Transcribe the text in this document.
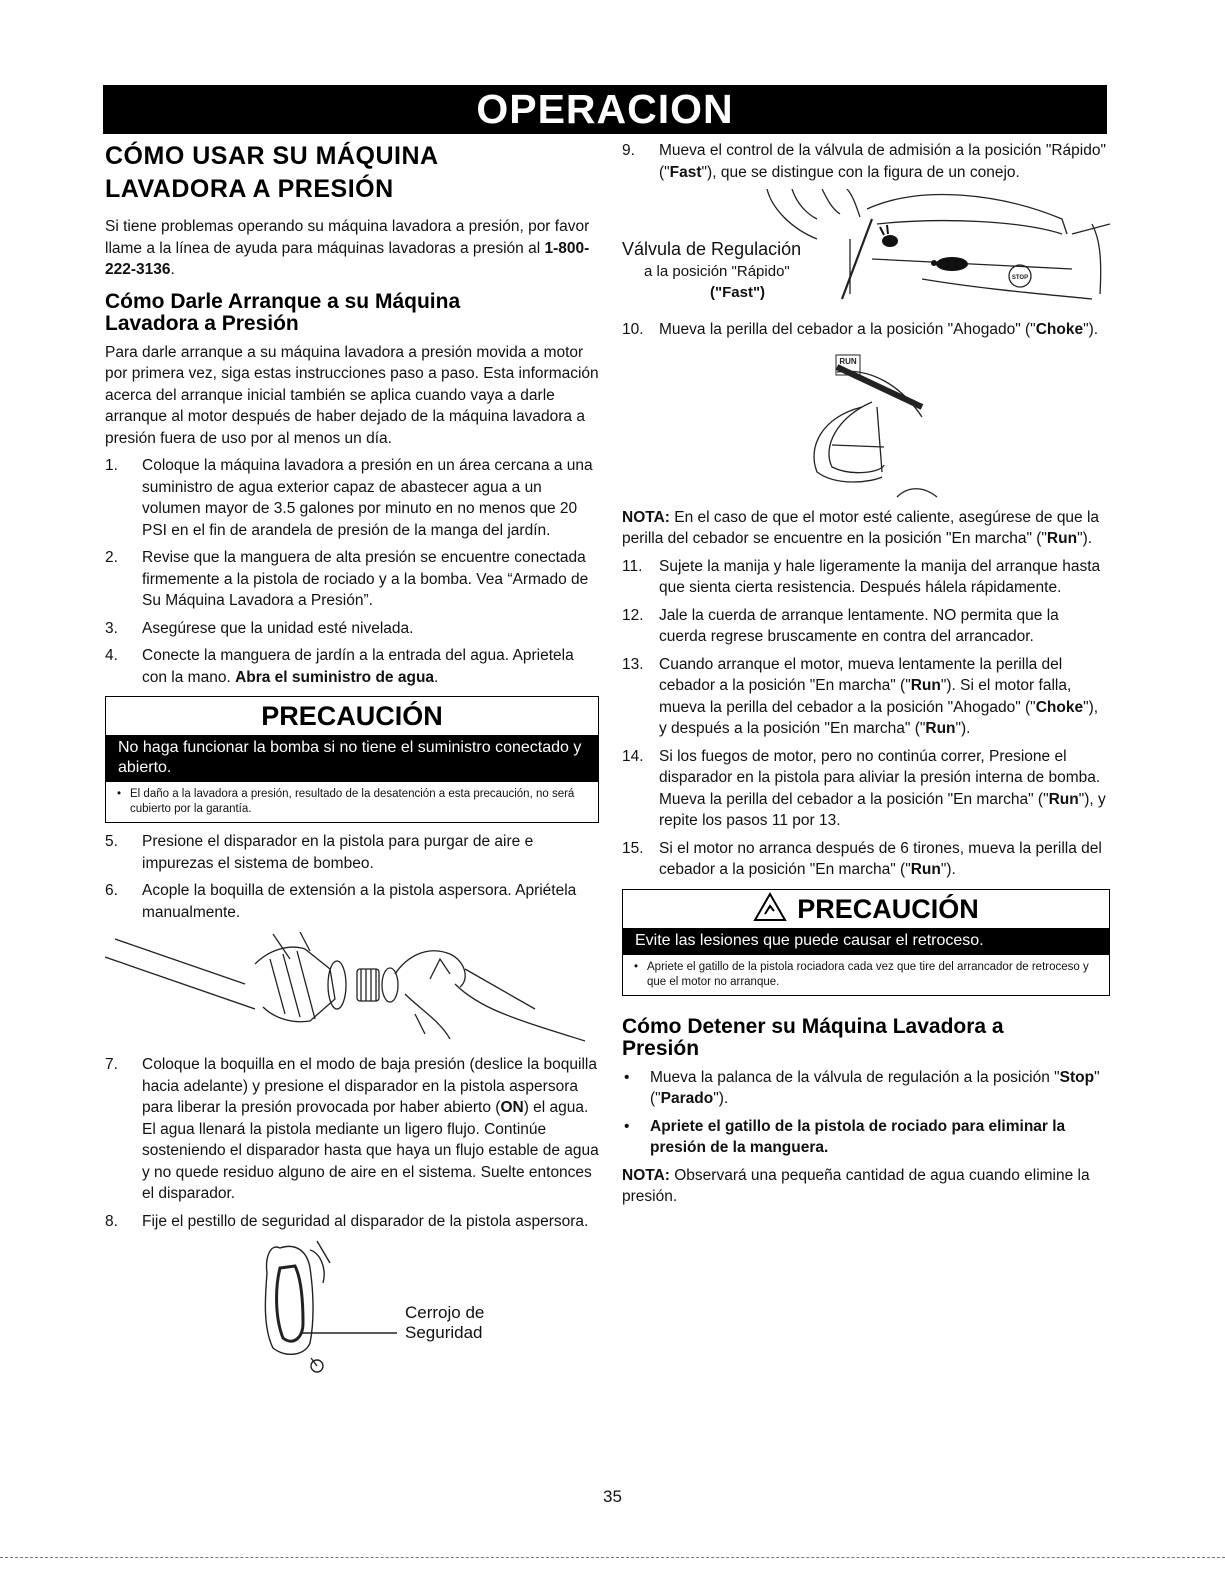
OPERACION
CÓMO USAR SU MÁQUINA
LAVADORA A PRESIÓN

Si tiene problemas operando su máquina lavadora a presión, por favor llame a la línea de ayuda para máquinas lavadoras a presión al 1-800-222-3136.

Cómo Darle Arranque a su Máquina
Lavadora a Presión

Para darle arranque a su máquina lavadora a presión movida a motor por primera vez, siga estas instrucciones paso a paso. Esta información acerca del arranque inicial también se aplica cuando vaya a darle arranque al motor después de haber dejado de la máquina lavadora a presión fuera de uso por al menos un día.

1. Coloque la máquina lavadora a presión en un área cercana a una suministro de agua exterior capaz de abastecer agua a un volumen mayor de 3.5 galones por minuto en no menos que 20 PSI en el fin de arandela de presión de la manga del jardín.
2. Revise que la manguera de alta presión se encuentre conectada firmemente a la pistola de rociado y a la bomba. Vea “Armado de Su Máquina Lavadora a Presión”.
3. Asegúrese que la unidad esté nivelada.
4. Conecte la manguera de jardín a la entrada del agua. Aprietela con la mano. Abra el suministro de agua.
PRECAUCIÓN
No haga funcionar la bomba si no tiene el suministro conectado y abierto.
• El daño a la lavadora a presión, resultado de la desatención a esta precaución, no será cubierto por la garantía.
5. Presione el disparador en la pistola para purgar de aire e impurezas el sistema de bombeo.
6. Acople la boquilla de extensión a la pistola aspersora. Apriétela manualmente.
7. Coloque la boquilla en el modo de baja presión (deslice la boquilla hacia adelante) y presione el disparador en la pistola aspersora para liberar la presión provocada por haber abierto (ON) el agua. El agua llenará la pistola mediante un ligero flujo. Continúe sosteniendo el disparador hasta que haya un flujo estable de agua y no quede residuo alguno de aire en el sistema. Suelte entonces el disparador.
8. Fije el pestillo de seguridad al disparador de la pistola aspersora.
Cerrojo de
Seguridad
9. Mueva el control de la válvula de admisión a la posición "Rápido" ("Fast"), que se distingue con la figura de un conejo.
STOP
Válvula de Regulación
a la posición "Rápido"
("Fast")
10. Mueva la perilla del cebador a la posición "Ahogado" ("Choke").
RUN

NOTA: En el caso de que el motor esté caliente, asegúrese de que la perilla del cebador se encuentre en la posición "En marcha" ("Run").

11. Sujete la manija y hale ligeramente la manija del arranque hasta que sienta cierta resistencia. Después hálela rápidamente.
12. Jale la cuerda de arranque lentamente. NO permita que la cuerda regrese bruscamente en contra del arrancador.
13. Cuando arranque el motor, mueva lentamente la perilla del cebador a la posición "En marcha" ("Run"). Si el motor falla, mueva la perilla del cebador a la posición "Ahogado" ("Choke"), y después a la posición "En marcha" ("Run").
14. Si los fuegos de motor, pero no continúa correr, Presione el disparador en la pistola para aliviar la presión interna de bomba. Mueva la perilla del cebador a la posición "En marcha" ("Run"), y repite los pasos 11 por 13.
15. Si el motor no arranca después de 6 tirones, mueva la perilla del cebador a la posición "En marcha" ("Run").
PRECAUCIÓN
Evite las lesiones que puede causar el retroceso.
• Apriete el gatillo de la pistola rociadora cada vez que tire del arrancador de retroceso y que el motor no arranque.
Cómo Detener su Máquina Lavadora a
Presión
• Mueva la palanca de la válvula de regulación a la posición "Stop" ("Parado").
• Apriete el gatillo de la pistola de rociado para eliminar la presión de la manguera.

NOTA: Observará una pequeña cantidad de agua cuando elimine la presión.

35
